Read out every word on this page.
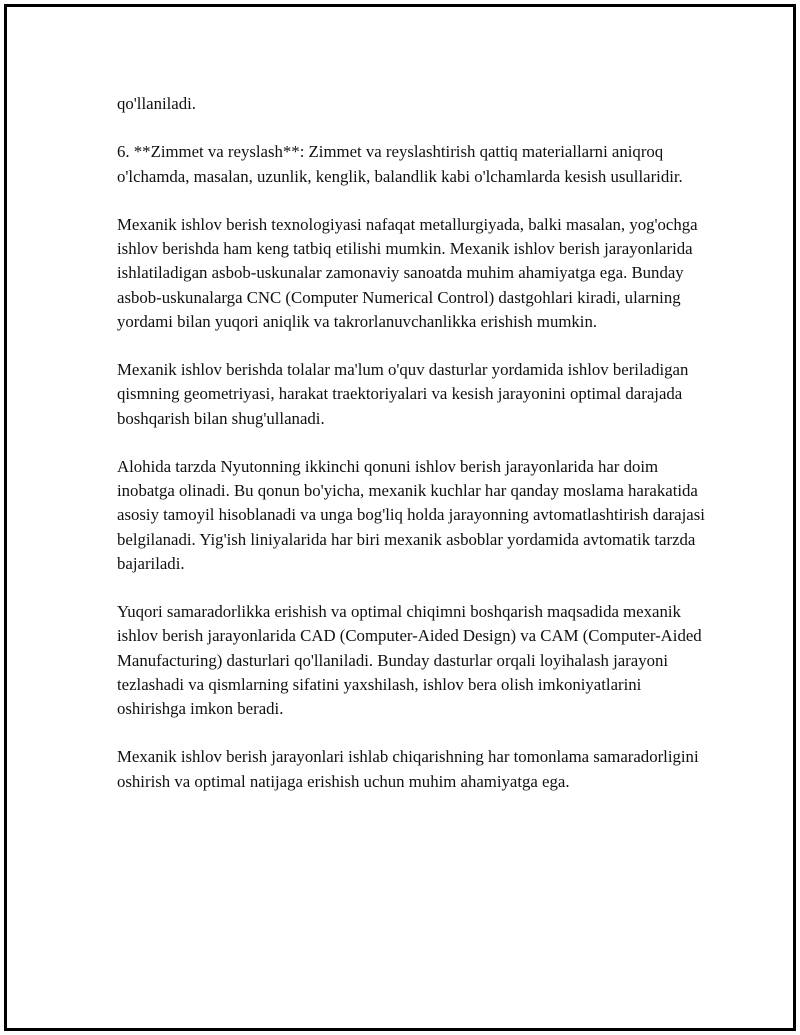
qo'llaniladi.

6. **Zimmet va reyslash**: Zimmet va reyslashtirish qattiq materiallarni aniqroq o'lchamda, masalan, uzunlik, kenglik, balandlik kabi o'lchamlarda kesish usullaridir.

Mexanik ishlov berish texnologiyasi nafaqat metallurgiyada, balki masalan, yog'ochga ishlov berishda ham keng tatbiq etilishi mumkin. Mexanik ishlov berish jarayonlarida ishlatiladigan asbob-uskunalar zamonaviy sanoatda muhim ahamiyatga ega. Bunday asbob-uskunalarga CNC (Computer Numerical Control) dastgohlari kiradi, ularning yordami bilan yuqori aniqlik va takrorlanuvchanlikka erishish mumkin.

Mexanik ishlov berishda tolalar ma'lum o'quv dasturlar yordamida ishlov beriladigan qismning geometriyasi, harakat traektoriyalari va kesish jarayonini optimal darajada boshqarish bilan shug'ullanadi.

Alohida tarzda Nyutonning ikkinchi qonuni ishlov berish jarayonlarida har doim inobatga olinadi. Bu qonun bo'yicha, mexanik kuchlar har qanday moslama harakatida asosiy tamoyil hisoblanadi va unga bog'liq holda jarayonning avtomatlashtirish darajasi belgilanadi. Yig'ish liniyalarida har biri mexanik asboblar yordamida avtomatik tarzda bajariladi.

Yuqori samaradorlikka erishish va optimal chiqimni boshqarish maqsadida mexanik ishlov berish jarayonlarida CAD (Computer-Aided Design) va CAM (Computer-Aided Manufacturing) dasturlari qo'llaniladi. Bunday dasturlar orqali loyihalash jarayoni tezlashadi va qismlarning sifatini yaxshilash, ishlov bera olish imkoniyatlarini oshirishga imkon beradi.

Mexanik ishlov berish jarayonlari ishlab chiqarishning har tomonlama samaradorligini oshirish va optimal natijaga erishish uchun muhim ahamiyatga ega.
